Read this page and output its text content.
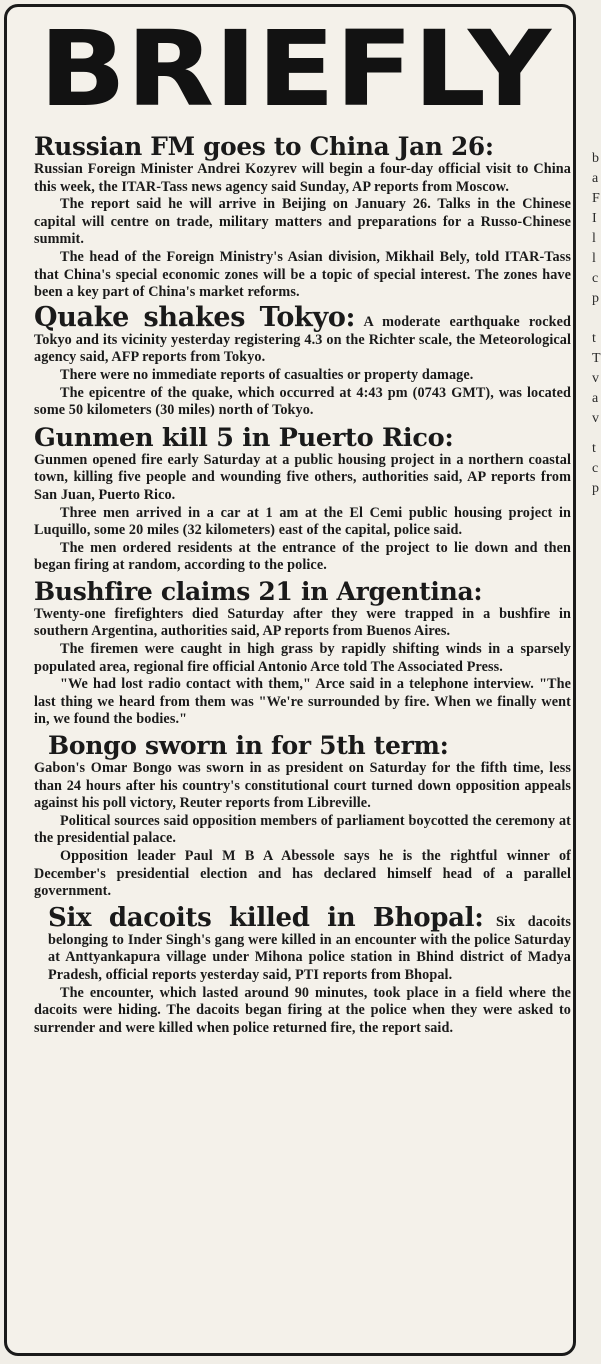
BRIEFLY
Russian FM goes to China Jan 26:

Russian Foreign Minister Andrei Kozyrev will begin a four-day official visit to China this week, the ITAR-Tass news agency said Sunday, AP reports from Moscow.

The report said he will arrive in Beijing on January 26. Talks in the Chinese capital will centre on trade, military matters and preparations for a Russo-Chinese summit.

The head of the Foreign Ministry's Asian division, Mikhail Bely, told ITAR-Tass that China's special economic zones will be a topic of special interest. The zones have been a key part of China's market reforms.

Quake shakes Tokyo: A moderate earthquake rocked Tokyo and its vicinity yesterday registering 4.3 on the Richter scale, the Meteorological agency said, AFP reports from Tokyo.

There were no immediate reports of casualties or property damage.

The epicentre of the quake, which occurred at 4:43 pm (0743 GMT), was located some 50 kilometers (30 miles) north of Tokyo.

Gunmen kill 5 in Puerto Rico:

Gunmen opened fire early Saturday at a public housing project in a northern coastal town, killing five people and wounding five others, authorities said, AP reports from San Juan, Puerto Rico.

Three men arrived in a car at 1 am at the El Cemi public housing project in Luquillo, some 20 miles (32 kilometers) east of the capital, police said.

The men ordered residents at the entrance of the project to lie down and then began firing at random, according to the police.

Bushfire claims 21 in Argentina:

Twenty-one firefighters died Saturday after they were trapped in a bushfire in southern Argentina, authorities said, AP reports from Buenos Aires.

The firemen were caught in high grass by rapidly shifting winds in a sparsely populated area, regional fire official Antonio Arce told The Associated Press.

"We had lost radio contact with them," Arce said in a telephone interview. "The last thing we heard from them was "We're surrounded by fire. When we finally went in, we found the bodies."

Bongo sworn in for 5th term:

Gabon's Omar Bongo was sworn in as president on Saturday for the fifth time, less than 24 hours after his country's constitutional court turned down opposition appeals against his poll victory, Reuter reports from Libreville.

Political sources said opposition members of parliament boycotted the ceremony at the presidential palace.

Opposition leader Paul M B A Abessole says he is the rightful winner of December's presidential election and has declared himself head of a parallel government.

Six dacoits killed in Bhopal: Six dacoits belonging to Inder Singh's gang were killed in an encounter with the police Saturday at Anttyankapura village under Mihona police station in Bhind district of Madya Pradesh, official reports yesterday said, PTI reports from Bhopal.

The encounter, which lasted around 90 minutes, took place in a field where the dacoits were hiding. The dacoits began firing at the police when they were asked to surrender and were killed when police returned fire, the report said.

b
a
F
I
l
l
c
p
t
T
v
a
v
t
c
p
